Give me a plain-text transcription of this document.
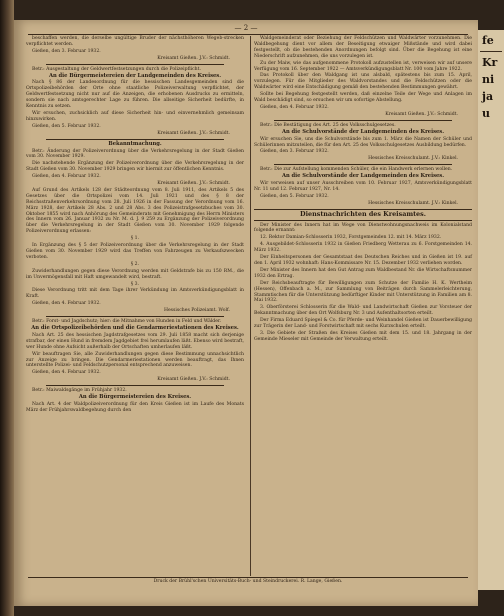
— 2 —

beschaffen werden, die derselbe ungültige Bruder der nächsthöheren Wegeb-strecken verpflichtet werden.

Gießen, den 3. Februar 1932.

Kreisamt Gießen. J.V.: Schmidt.

Betr.: Ausgestaltung der Geldwertfestsetzungen durch die Polizeipflicht.

An die Bürgermeistereien der Landgemeinden des Kreises.

Nach § 86 der Landesordnung für die hessischen Landesgemeinden sind die Ortspolizeibehörden der Orte ohne staatliche Polizeiverwaltung verpflichtet, der Geldwertfestsetzung nicht nur auf die Anzeigen, die erhobenen Ausdrucks zu ermitteln, sondern sie nach amtsgerechter Lage zu führen. Die allseitige Sicherheit bedürfte, in Kenntnis zu setzen.

Wir ersuchen, zuchsicklich auf diese Sicherheit hin- und einvernehmlich gemeinsam hinzuwirken.

Gießen, den 5. Februar 1932.

Kreisamt Gießen. J.V.: Schmidt.

Bekanntmachung.

Betr.: Änderung der Polizeiverordnung über die Verkehrsregelung in der Stadt Gießen vom 30. November 1929.

Die nachstehende Ergänzung der Polizeiverordnung über die Verkehrsregelung in der Stadt Gießen vom 30. November 1929 bringen wir hiermit zur öffentlichen Kenntnis.

Gießen, den 4. Februar 1932.

Kreisamt Gießen. J.V.: Schmidt.

Auf Grund des Artikels 128 der Städteordnung vom 8. Juli 1911, des Artikels 5 des Gesetzes über die Ortspolizei vom 14. Juli 1921 und des § 8 der Reichsstraßenverkehrsordnung vom 28. Juli 1926 in der Fassung der Verordnung vom 16. März 1928, der Artikels 28 Abs. 2 und 28 Abs. 3 des Polizeistrafgesetzbuches vom 30. Oktober 1855 wird nach Anhörung des Gemeinderats mit Genehmigung des Herrn Ministers des Innern vom 26. Januar 1932 zu Nr. M. d. J. 9 259 zu Ergänzung der Polizeiverordnung über die Verkehrsregelung in der Stadt Gießen vom 30. November 1929 folgende Polizeiverordnung erlassen:

§ 1.

In Ergänzung des § 5 der Polizeiverordnung über die Verkehrsregelung in der Stadt Gießen vom 30. November 1929 wird das Treffen von Fahrzeugen zu Verkaufszwecken verboten.

§ 2.

Zuwiderhandlungen gegen diese Verordnung werden mit Geldstrafe bis zu 150 RM., die im Unvermögensfall mit Haft umgewandelt wird, bestraft.

§ 3.

Diese Verordnung tritt mit dem Tage ihrer Verkündung im Amtsverkündigungsblatt in Kraft.

Gießen, den 4. Februar 1932.

Hessisches Polizeiamt. Wolf.

Betr.: Forst- und Jagdschutz; hier: die Mitnahme von Hunden in Feld und Wälder.

An die Ortspolizeibehörden und die Gendarmeriestationen des Kreises.

Nach Art. 25 des hessischen Jagdstrafgesetzes vom 29. Juli 1858 macht sich derjenige strafbar, der einen Hund in fremdem Jagdgebiet frei herumlaufen läßt. Ebenso wird bestraft, wer Hunde ohne Aufsicht außerhalb der Ortschaften umherlaufen läßt.

Wir beauftragen Sie, alle Zuwiderhandlungen gegen diese Bestimmung unnachsichtlich zur Anzeige zu bringen. Die Gendarmeriestationen werden beauftragt, das Ihnen unterstellte Polizei- und Feldschutzpersonal entsprechend anzuweisen.

Gießen, den 4. Februar 1932.

Kreisamt Gießen. J.V.: Schmidt.

Betr.: Maiwaldsgänge im Frühjahr 1932.

An die Bürgermeistereien des Kreises.

Nach Art. 4 der Waldpolizeiverordnung für den Kreis Gießen ist im Laufe des Monats März der Frühjahrswaldbegehung durch den

Waldgemeinderat oder Beziehung der Feldschützen und Waldwärter vorzunehmen. Die Waldbegehung dient vor allem der Beseitigung etwaiger Mißstände und wird dabei festgestellt, ob die bestehenden Anordnungen befolgt sind. Über die Begehung ist eine Niederschrift aufzunehmen, die uns vorzulegen ist.

Zu der Maiw, wie das aufgenommene Protokoll aufzustellen ist, verweisen wir auf unsere Verfügung vom 16. September 1922 — Amtsverkündigungsblatt Nr. 100 vom Jahre 1922.

Das Protokoll über den Waldgang ist uns alsbald, spätestens bis zum 15. April, vorzulegen. Für die Mitglieder des Waldvorstandes und die Feldschützen oder die Waldwärter wird eine Entschädigung gemäß den bestehenden Bestimmungen gewährt.

Sollte bei Begehung festgestellt werden, daß einzelne Teile der Wege und Anlagen im Wald beschädigt sind, so ersuchen wir um sofortige Abstellung.

Gießen, den 4. Februar 1932.

Kreisamt Gießen. J.V.: Schmidt.

Betr.: Die Bestätigung des Art. 25 des Volksschulgesetzes.

An die Schulvorstände der Landgemeinden des Kreises.

Wir ersuchen Sie, uns die Schulvorstände bis zum 1. März die Namen der Schüler und Schülerinnen mitzuteilen, die für den Art. 25 des Volksschulgesetzes Ausbildung bedürfen.

Gießen, den 3. Februar 1932.

Hessisches Kreisschulamt. J.V.: Kinkel.

Betr.: Die zur Aufstellung kommenden Schüler, die ein Handwerk erlernen wollen.

An die Schulvorstände der Landgemeinden des Kreises.

Wir verweisen auf unser Ausschreiben vom 10. Februar 1927, Amtsverkündigungsblatt Nr. 11 und 12. Februar 1927, Nr. 14.

Gießen, den 5. Februar 1932.

Hessisches Kreisschulamt. J.V.: Kinkel.

Dienstnachrichten des Kreisamtes.

Der Minister des Innern hat im Wege von Dienstwohnungsnachweis im Kolonialstand folgende ernannt:

12. Rektor Damian-Schlosserin 1932, Forstgemeinden 12. mit 14. März 1932.

4. Ausgebildet-Schlosserin 1932 in Gießen Friedberg Wetterau zu 6. Forstgemeinden 14. März 1932.

Der Einheitspersonen der Gesamtstaat des Deutschen Reiches und in Gießen ist 19. auf den 1. April 1932 wohnhaft: Hans-Kommissare Nr. 15. Dezember 1932 verliehen worden.

Der Minister des Innern hat den Gut Antrag zum Waldbestand Nr. die Wirtschaftsnummer 1932 den Ertrag.

Der Reichsbeauftragte für Bewilligungen zum Schutze der Familie H. K. Wertheim (Hessen), Offenbach a. M., zur Sammlung von Beiträgen durch Sammelerleichterung, Stammtischen für die Unterstützung bedürftiger Kinder mit Unterstützung in Familien am 8. Mai 1932.

3. Oberförsterei Schlosserin für die Wald- und Landwirtschaft Gießen zur Vorsteuer der Bekanntmachung über den Ort Wolfsburg Nr. 3 und Aufenthaltsorten erteilt.

Der Firma Eduard Spiegel & Co. für Pferde- und Weinhandel Gießen ist Dauerbewilligung zur Trägerin der Land- und Forstwirtschaft mit sechs Kurzschulen erteilt.

3. Die Gebiete der Straßen des Kreises Gießen mit dem 15. und 18. Jahrgang in der Gemeinde Mieseler mit Gemeinde der Verwaltung erteilt.

Druck der Brühl'schen Universitäts-Buch- und Steindruckerei. R. Lange, Gießen.
fe
Kr
ni
ja
u
